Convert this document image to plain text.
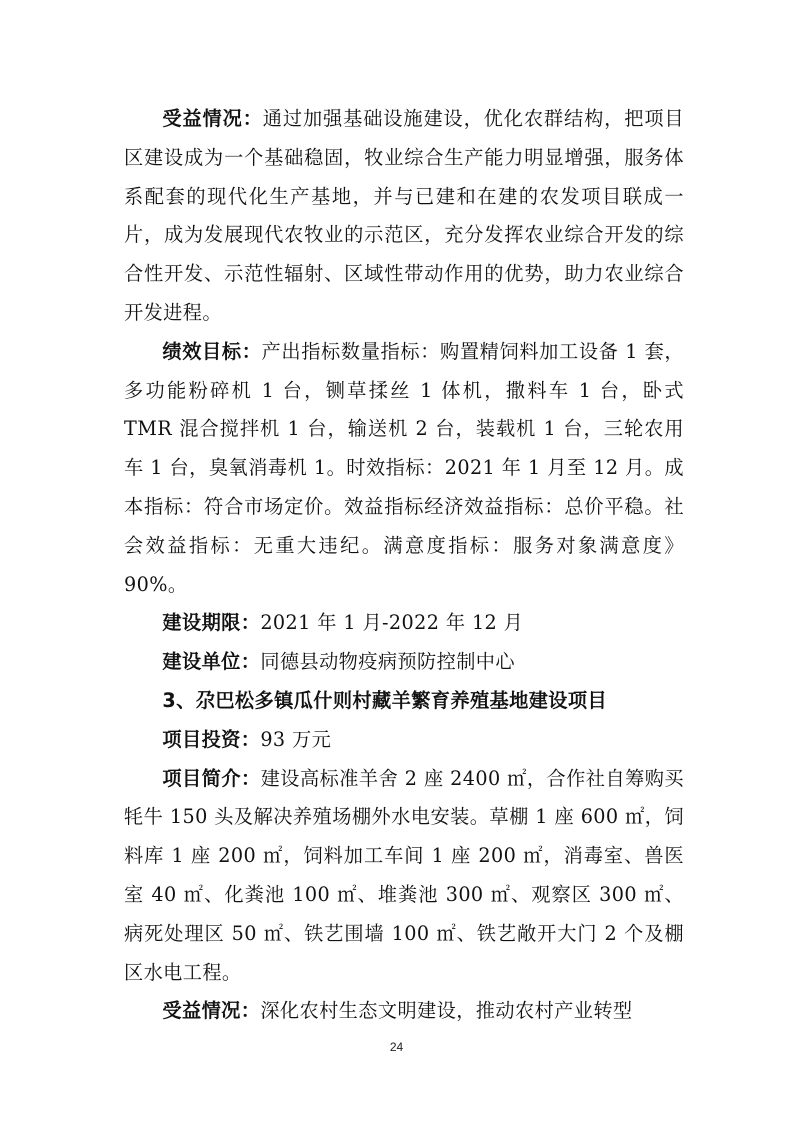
受益情况：通过加强基础设施建设，优化农群结构，把项目区建设成为一个基础稳固，牧业综合生产能力明显增强，服务体系配套的现代化生产基地，并与已建和在建的农发项目联成一片，成为发展现代农牧业的示范区，充分发挥农业综合开发的综合性开发、示范性辐射、区域性带动作用的优势，助力农业综合开发进程。

绩效目标：产出指标数量指标：购置精饲料加工设备 1 套，多功能粉碎机 1 台，铡草揉丝 1 体机，撒料车 1 台，卧式 TMR 混合搅拌机 1 台，输送机 2 台，装载机 1 台，三轮农用车 1 台，臭氧消毒机 1。时效指标：2021 年 1 月至 12 月。成本指标：符合市场定价。效益指标经济效益指标：总价平稳。社会效益指标：无重大违纪。满意度指标：服务对象满意度》90%。

建设期限：2021 年 1 月-2022 年 12 月

建设单位：同德县动物疫病预防控制中心

3、尕巴松多镇瓜什则村藏羊繁育养殖基地建设项目

项目投资：93 万元

项目简介：建设高标准羊舍 2 座 2400 ㎡，合作社自筹购买牦牛 150 头及解决养殖场棚外水电安装。草棚 1 座 600 ㎡，饲料库 1 座 200 ㎡，饲料加工车间 1 座 200 ㎡，消毒室、兽医室 40 ㎡、化粪池 100 ㎡、堆粪池 300 ㎡、观察区 300 ㎡、病死处理区 50 ㎡、铁艺围墙 100 ㎡、铁艺敞开大门 2 个及棚区水电工程。

受益情况：深化农村生态文明建设，推动农村产业转型

24
